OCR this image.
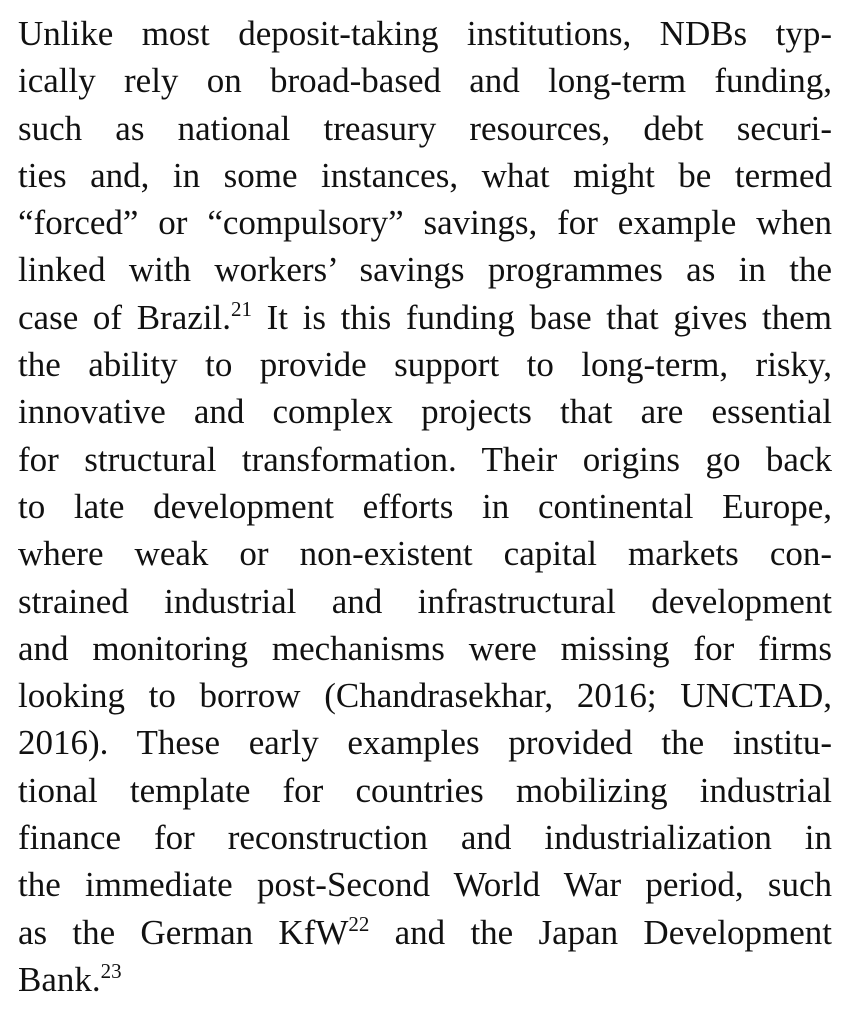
Unlike most deposit-taking institutions, NDBs typ-
ically rely on broad-based and long-term funding,
such as national treasury resources, debt securi-
ties and, in some instances, what might be termed
“forced” or “compulsory” savings, for example when
linked with workers’ savings programmes as in the
case of Brazil.$^{21}$ It is this funding base that gives them
the ability to provide support to long-term, risky,
innovative and complex projects that are essential
for structural transformation. Their origins go back
to late development efforts in continental Europe,
where weak or non-existent capital markets con-
strained industrial and infrastructural development
and monitoring mechanisms were missing for firms
looking to borrow (Chandrasekhar, 2016; UNCTAD,
2016). These early examples provided the institu-
tional template for countries mobilizing industrial
finance for reconstruction and industrialization in
the immediate post-Second World War period, such
as the German KfW$^{22}$ and the Japan Development
Bank.$^{23}$
